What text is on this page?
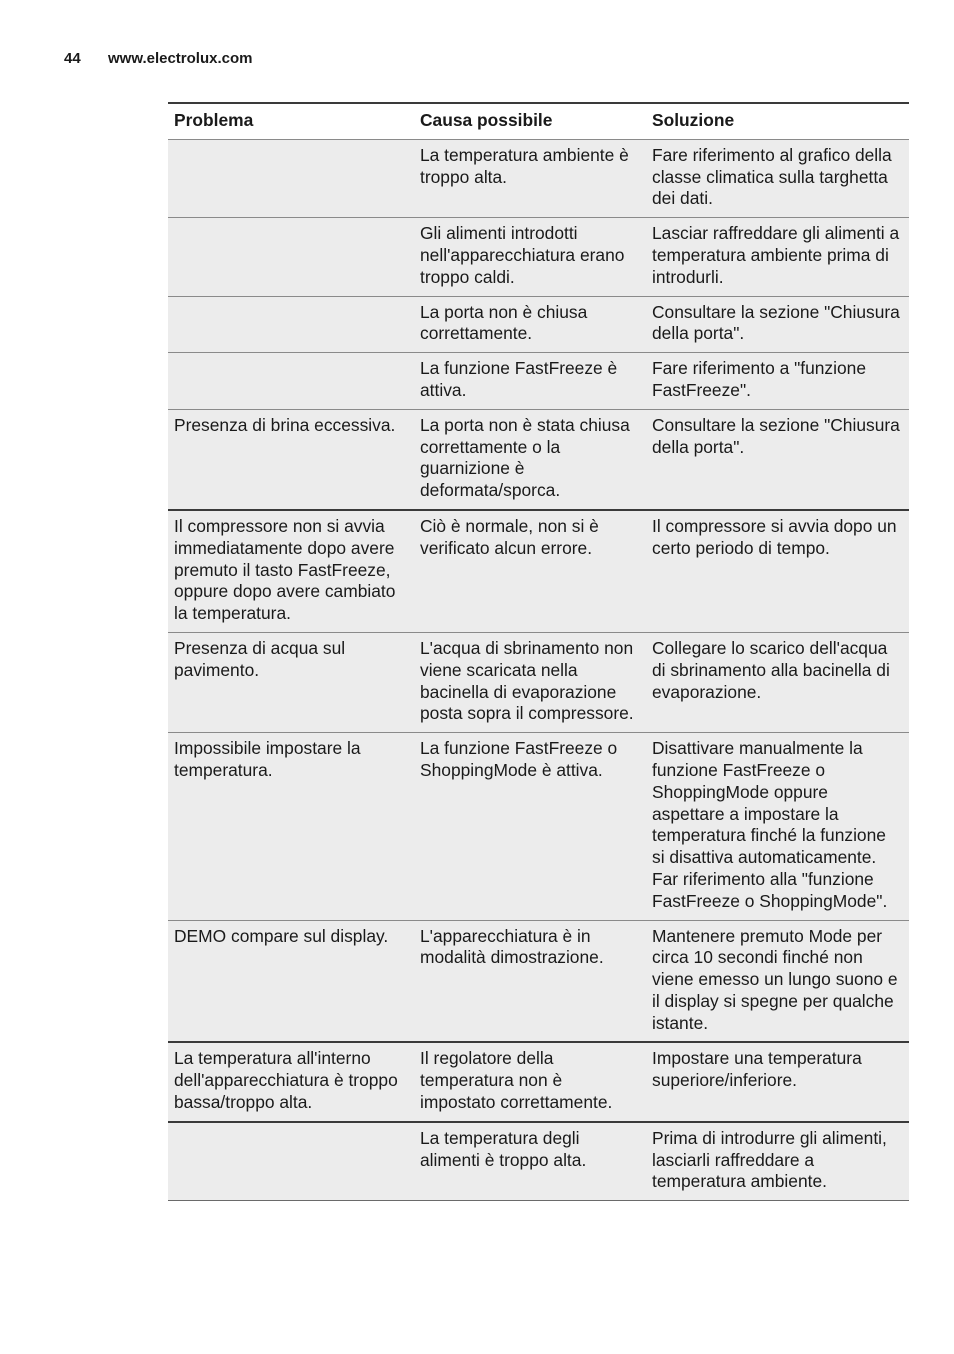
44 www.electrolux.com
Problema	Causa possibile	Soluzione
	La temperatura ambiente è troppo alta.	Fare riferimento al grafico della classe climatica sulla targhetta dei dati.
	Gli alimenti introdotti nell'apparecchiatura erano troppo caldi.	Lasciar raffreddare gli alimenti a temperatura ambiente prima di introdurli.
	La porta non è chiusa correttamente.	Consultare la sezione "Chiusura della porta".
	La funzione FastFreeze è attiva.	Fare riferimento a "funzione FastFreeze".
Presenza di brina eccessiva.	La porta non è stata chiusa correttamente o la guarnizione è deformata/sporca.	Consultare la sezione "Chiusura della porta".
Il compressore non si avvia immediatamente dopo avere premuto il tasto FastFreeze, oppure dopo avere cambiato la temperatura.	Ciò è normale, non si è verificato alcun errore.	Il compressore si avvia dopo un certo periodo di tempo.
Presenza di acqua sul pavimento.	L'acqua di sbrinamento non viene scaricata nella bacinella di evaporazione posta sopra il compressore.	Collegare lo scarico dell'acqua di sbrinamento alla bacinella di evaporazione.
Impossibile impostare la temperatura.	La funzione FastFreeze o ShoppingMode è attiva.	Disattivare manualmente la funzione FastFreeze o ShoppingMode oppure aspettare a impostare la temperatura finché la funzione si disattiva automaticamente. Far riferimento alla "funzione FastFreeze o ShoppingMode".
DEMO compare sul display.	L'apparecchiatura è in modalità dimostrazione.	Mantenere premuto Mode per circa 10 secondi finché non viene emesso un lungo suono e il display si spegne per qualche istante.
La temperatura all'interno dell'apparecchiatura è troppo bassa/troppo alta.	Il regolatore della temperatura non è impostato correttamente.	Impostare una temperatura superiore/inferiore.
	La temperatura degli alimenti è troppo alta.	Prima di introdurre gli alimenti, lasciarli raffreddare a temperatura ambiente.
